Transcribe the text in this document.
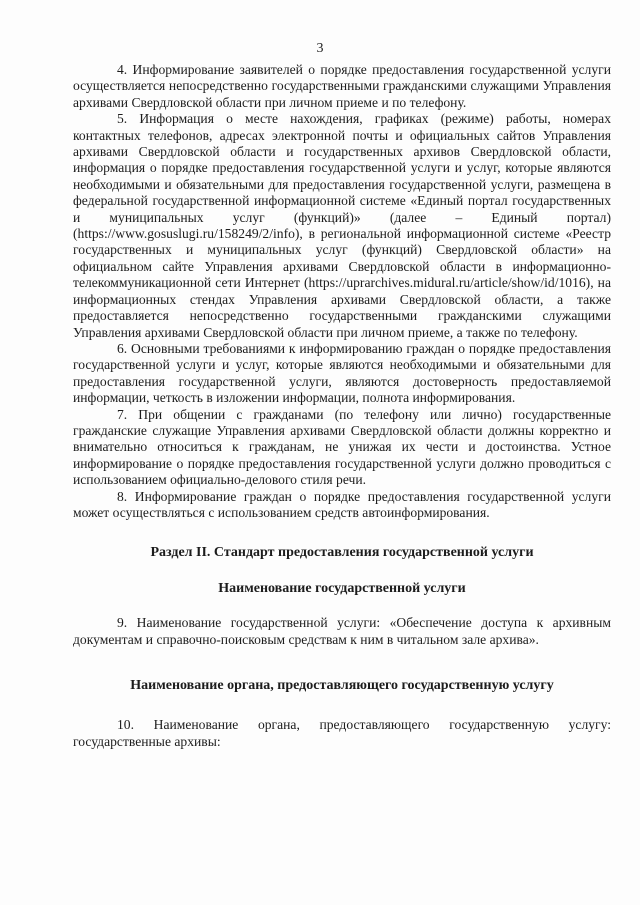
3

4. Информирование заявителей о порядке предоставления государственной услуги осуществляется непосредственно государственными гражданскими служащими Управления архивами Свердловской области при личном приеме и по телефону.

5. Информация о месте нахождения, графиках (режиме) работы, номерах контактных телефонов, адресах электронной почты и официальных сайтов Управления архивами Свердловской области и государственных архивов Свердловской области, информация о порядке предоставления государственной услуги и услуг, которые являются необходимыми и обязательными для предоставления государственной услуги, размещена в федеральной государственной информационной системе «Единый портал государственных и муниципальных услуг (функций)» (далее – Единый портал) (https://www.gosuslugi.ru/158249/2/info), в региональной информационной системе «Реестр государственных и муниципальных услуг (функций) Свердловской области» на официальном сайте Управления архивами Свердловской области в информационно-телекоммуникационной сети Интернет (https://uprarchives.midural.ru/article/show/id/1016), на информационных стендах Управления архивами Свердловской области, а также предоставляется непосредственно государственными гражданскими служащими Управления архивами Свердловской области при личном приеме, а также по телефону.

6. Основными требованиями к информированию граждан о порядке предоставления государственной услуги и услуг, которые являются необходимыми и обязательными для предоставления государственной услуги, являются достоверность предоставляемой информации, четкость в изложении информации, полнота информирования.

7. При общении с гражданами (по телефону или лично) государственные гражданские служащие Управления архивами Свердловской области должны корректно и внимательно относиться к гражданам, не унижая их чести и достоинства. Устное информирование о порядке предоставления государственной услуги должно проводиться с использованием официально-делового стиля речи.

8. Информирование граждан о порядке предоставления государственной услуги может осуществляться с использованием средств автоинформирования.

Раздел II. Стандарт предоставления государственной услуги
Наименование государственной услуги

9. Наименование государственной услуги: «Обеспечение доступа к архивным документам и справочно-поисковым средствам к ним в читальном зале архива».

Наименование органа, предоставляющего государственную услугу

10. Наименование органа, предоставляющего государственную услугу: государственные архивы:
